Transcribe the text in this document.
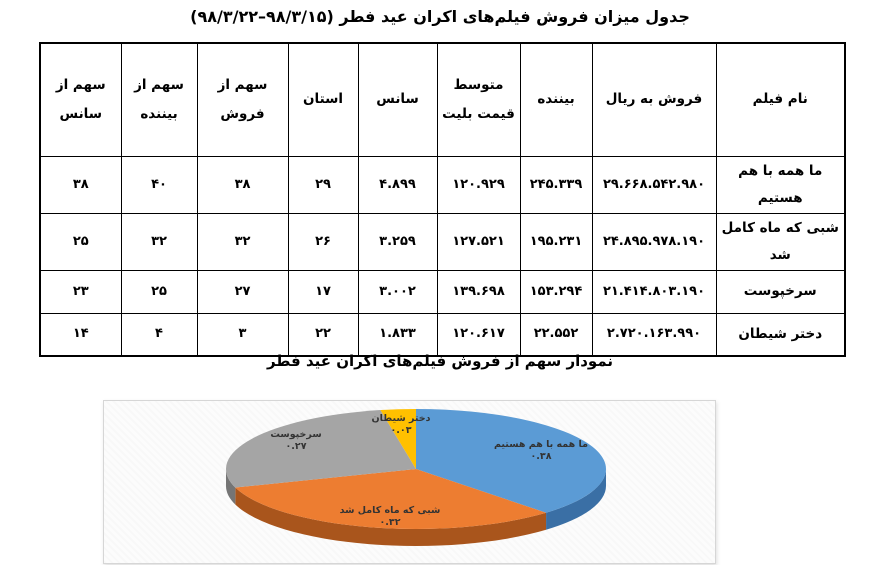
جدول میزان فروش فیلم‌های اکران عید فطر (۹۸/۳/۱۵–۹۸/۳/۲۲)
نام فیلم	فروش به ریال	بیننده	متوسط قیمت بلیت	سانس	استان	سهم از فروش	سهم از بیننده	سهم از سانس
ما همه با هم هستیم	۲۹.۶۶۸.۵۴۲.۹۸۰	۲۴۵.۳۳۹	۱۲۰.۹۲۹	۴.۸۹۹	۲۹	۳۸	۴۰	۳۸
شبی که ماه کامل شد	۲۴.۸۹۵.۹۷۸.۱۹۰	۱۹۵.۲۳۱	۱۲۷.۵۲۱	۳.۲۵۹	۲۶	۳۲	۳۲	۲۵
سرخپوست	۲۱.۴۱۴.۸۰۳.۱۹۰	۱۵۳.۲۹۴	۱۳۹.۶۹۸	۳.۰۰۲	۱۷	۲۷	۲۵	۲۳
دختر شیطان	۲.۷۲۰.۱۶۳.۹۹۰	۲۲.۵۵۲	۱۲۰.۶۱۷	۱.۸۳۳	۲۲	۳	۴	۱۴
نمودار سهم از فروش فیلم‌های اکران عید فطر
ما همه با هم هستیم
۰.۳۸
شبی که ماه کامل شد
۰.۳۲
سرخپوست
۰.۲۷
دختر شیطان
۰.۰۳
